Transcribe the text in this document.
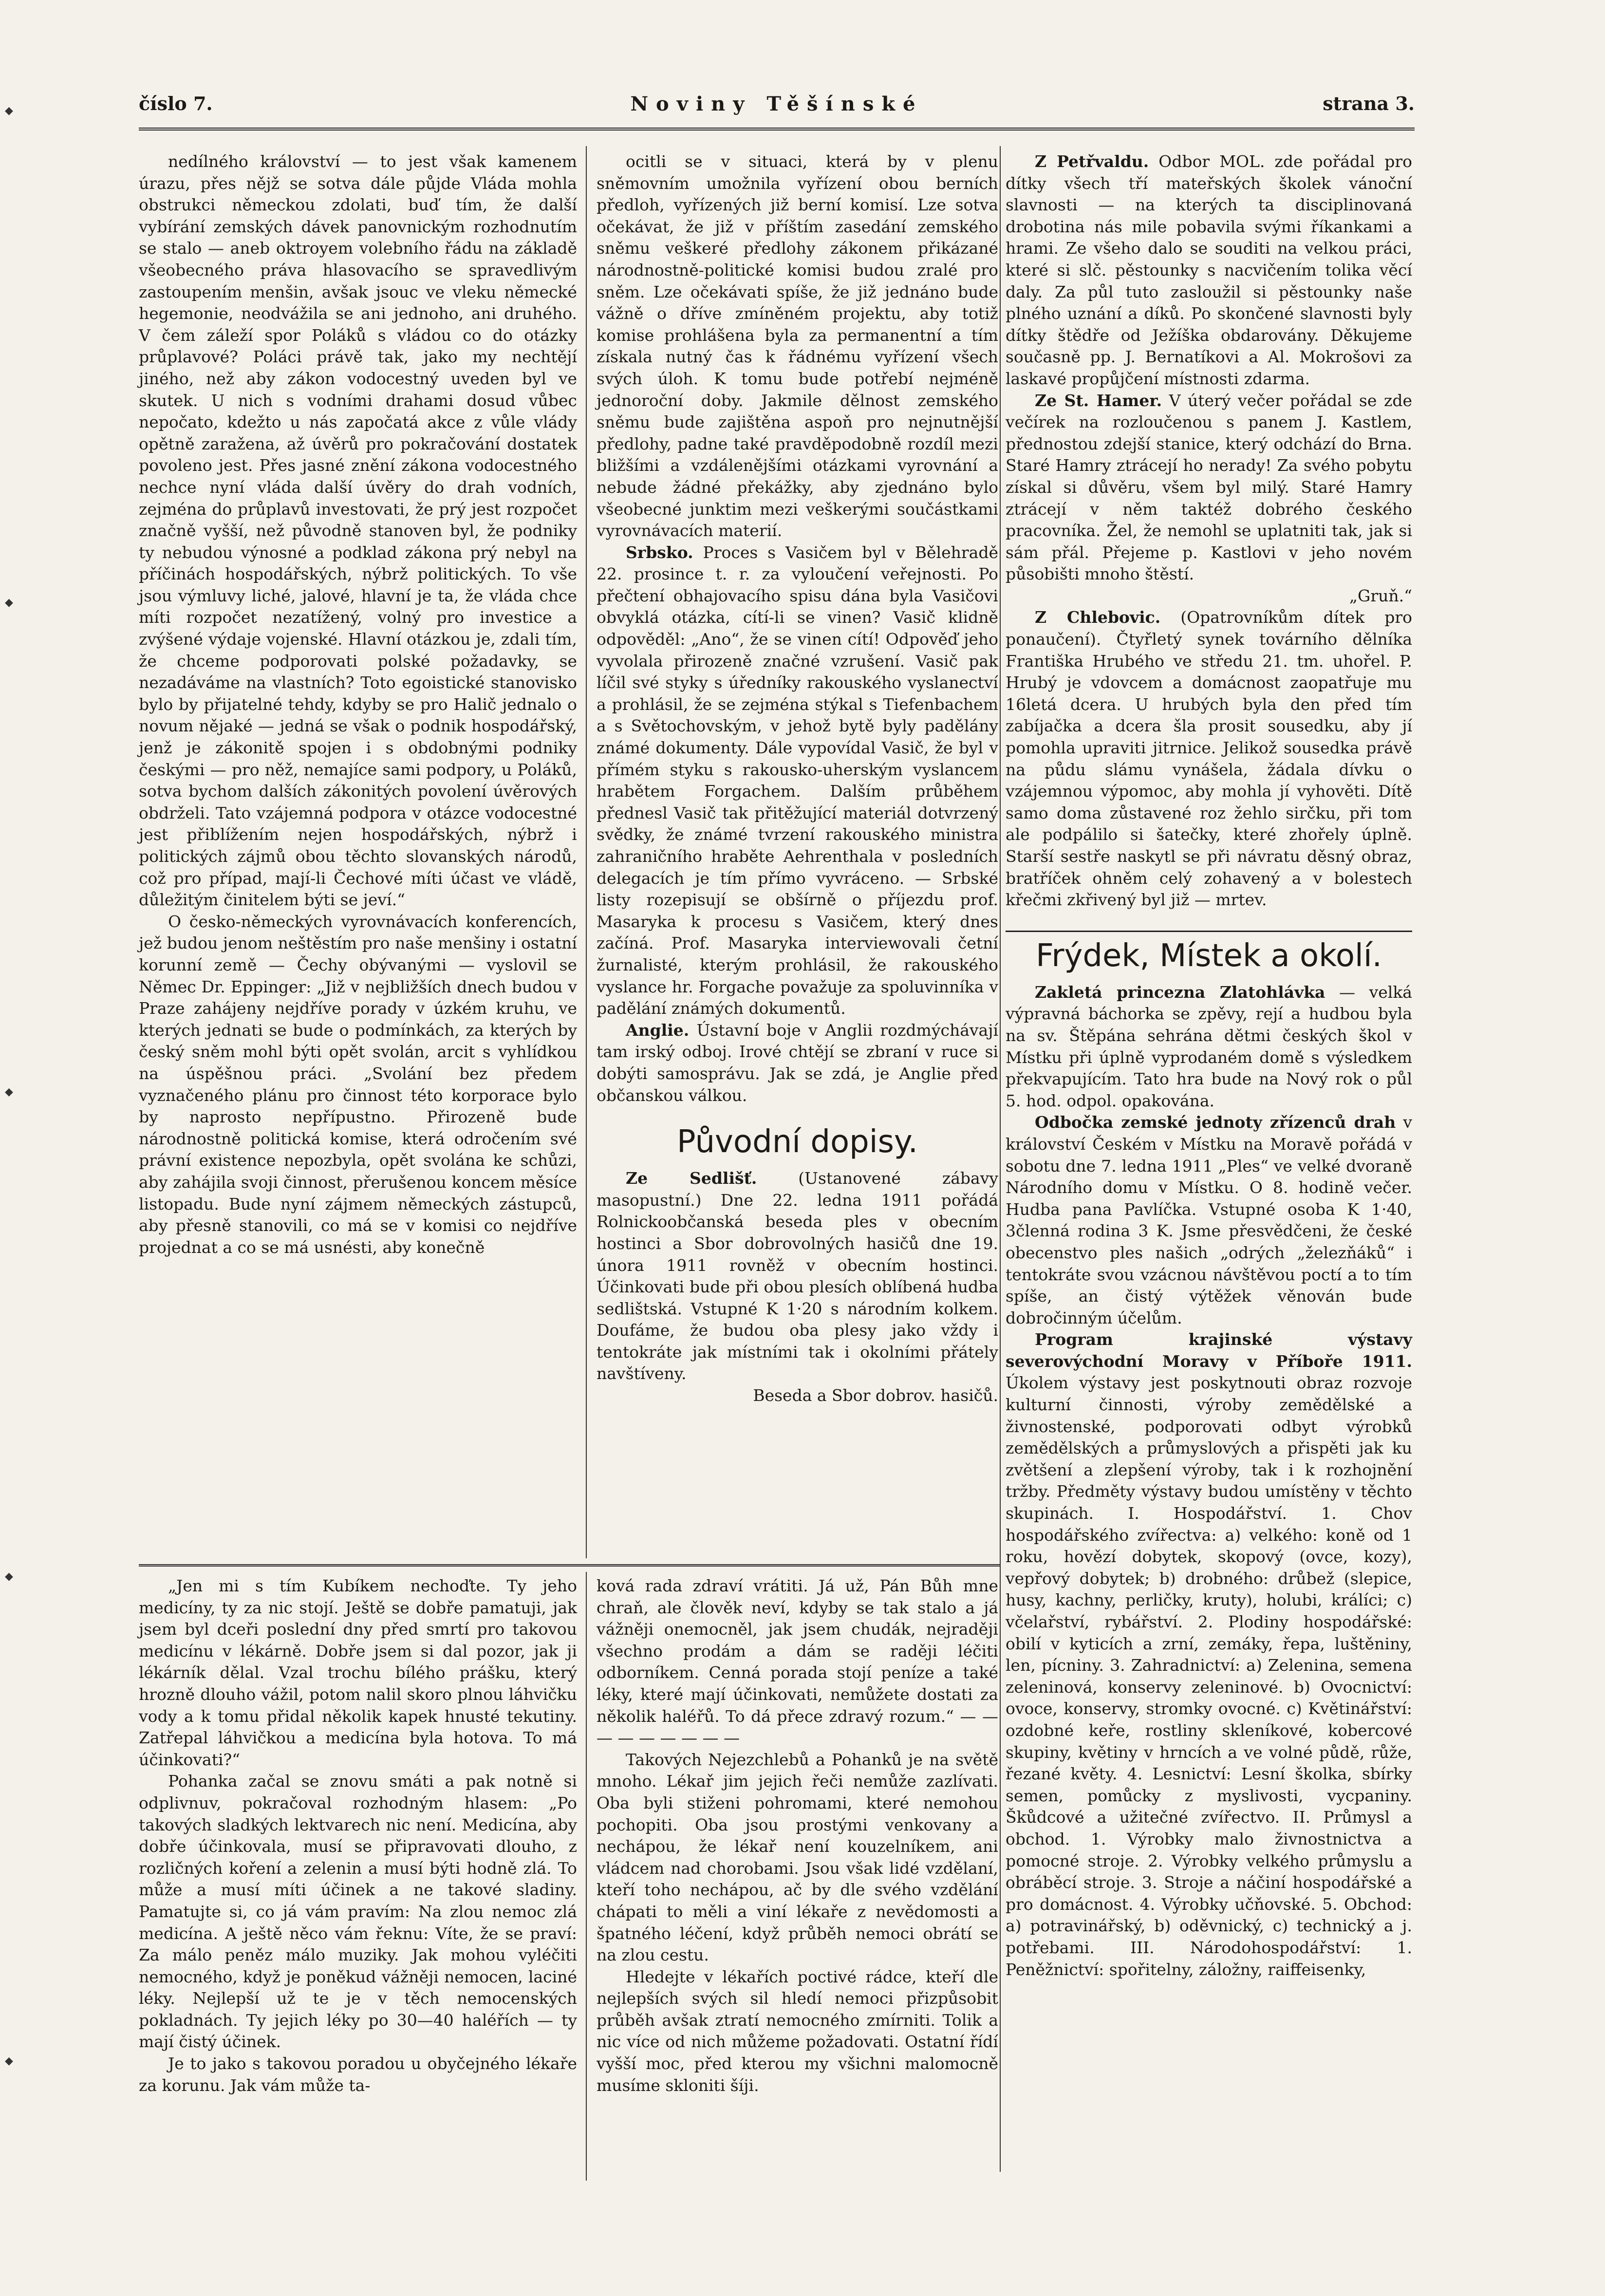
◆
◆
◆
◆
◆
číslo 7.	Noviny Těšínské	strana 3.

nedílného království — to jest však kamenem úrazu, přes nějž se sotva dále půjde Vláda mohla obstrukci německou zdolati, buď tím, že další vybírání zemských dávek panovnickým rozhodnutím se stalo — aneb oktroyem volebního řádu na základě všeobecného práva hlasovacího se spravedlivým zastoupením menšin, avšak jsouc ve vleku německé hegemonie, neodvážila se ani jednoho, ani druhého. V čem záleží spor Poláků s vládou co do otázky průplavové? Poláci právě tak, jako my nechtějí jiného, než aby zákon vodocestný uveden byl ve skutek. U nich s vodními drahami dosud vůbec nepočato, kdežto u nás započatá akce z vůle vlády opětně zaražena, až úvěrů pro pokračování dostatek povoleno jest. Přes jasné znění zákona vodocestného nechce nyní vláda další úvěry do drah vodních, zejména do průplavů investovati, že prý jest rozpočet značně vyšší, než původně stanoven byl, že podniky ty nebudou výnosné a podklad zákona prý nebyl na příčinách hospodářských, nýbrž politických. To vše jsou výmluvy liché, jalové, hlavní je ta, že vláda chce míti rozpočet nezatížený, volný pro investice a zvýšené výdaje vojenské. Hlavní otázkou je, zdali tím, že chceme podporovati polské požadavky, se nezadáváme na vlastních? Toto egoistické stanovisko bylo by přijatelné tehdy, kdyby se pro Halič jednalo o novum nějaké — jedná se však o podnik hospodářský, jenž je zákonitě spojen i s obdobnými podniky českými — pro něž, nemajíce sami podpory, u Poláků, sotva bychom dalších zákonitých povolení úvěrových obdrželi. Tato vzájemná podpora v otázce vodocestné jest přiblížením nejen hospodářských, nýbrž i politických zájmů obou těchto slovanských národů, což pro případ, mají-li Čechové míti účast ve vládě, důležitým činitelem býti se jeví.“

O česko-německých vyrovnávacích konferencích, jež budou jenom neštěstím pro naše menšiny i ostatní korunní země — Čechy obývanými — vyslovil se Němec Dr. Eppinger: „Již v nejbližších dnech budou v Praze zahájeny nejdříve porady v úzkém kruhu, ve kterých jednati se bude o podmínkách, za kterých by český sněm mohl býti opět svolán, arcit s vyhlídkou na úspěšnou práci. „Svolání bez předem vyznačeného plánu pro činnost této korporace bylo by naprosto nepřípustno. Přirozeně bude národnostně politická komise, která odročením své právní existence nepozbyla, opět svolána ke schůzi, aby zahájila svoji činnost, přerušenou koncem měsíce listopadu. Bude nyní zájmem německých zástupců, aby přesně stanovili, co má se v komisi co nejdříve projednat a co se má usnésti, aby konečně

ocitli se v situaci, která by v plenu sněmovním umožnila vyřízení obou berních předloh, vyřízených již berní komisí. Lze sotva očekávat, že již v příštím zasedání zemského sněmu veškeré předlohy zákonem přikázané národnostně-politické komisi budou zralé pro sněm. Lze očekávati spíše, že již jednáno bude vážně o dříve zmíněném projektu, aby totiž komise prohlášena byla za permanentní a tím získala nutný čas k řádnému vyřízení všech svých úloh. K tomu bude potřebí nejméně jednoroční doby. Jakmile dělnost zemského sněmu bude zajištěna aspoň pro nejnutnější předlohy, padne také pravděpodobně rozdíl mezi bližšími a vzdálenějšími otázkami vyrovnání a nebude žádné překážky, aby zjednáno bylo všeobecné junktim mezi veškerými součástkami vyrovnávacích materií.

Srbsko. Proces s Vasičem byl v Bělehradě 22. prosince t. r. za vyloučení veřejnosti. Po přečtení obhajovacího spisu dána byla Vasičovi obvyklá otázka, cítí-li se vinen? Vasič klidně odpověděl: „Ano“, že se vinen cítí! Odpověď jeho vyvolala přirozeně značné vzrušení. Vasič pak líčil své styky s úředníky rakouského vyslanectví a prohlásil, že se zejména stýkal s Tiefenbachem a s Světochovským, v jehož bytě byly padělány známé dokumenty. Dále vypovídal Vasič, že byl v přímém styku s rakousko-uherským vyslancem hrabětem Forgachem. Dalším průběhem přednesl Vasič tak přitěžující materiál dotvrzený svědky, že známé tvrzení rakouského ministra zahraničního hraběte Aehrenthala v posledních delegacích je tím přímo vyvráceno. — Srbské listy rozepisují se obšírně o příjezdu prof. Masaryka k procesu s Vasičem, který dnes začíná. Prof. Masaryka interviewovali četní žurnalisté, kterým prohlásil, že rakouského vyslance hr. Forgache považuje za spoluvinníka v padělání známých dokumentů.

Anglie. Ústavní boje v Anglii rozdmýchávají tam irský odboj. Irové chtějí se zbraní v ruce si dobýti samosprávu. Jak se zdá, je Anglie před občanskou válkou.

Původní dopisy.

Ze Sedlišť. (Ustanovené zábavy masopustní.) Dne 22. ledna 1911 pořádá Rolnickoobčanská beseda ples v obecním hostinci a Sbor dobrovolných hasičů dne 19. února 1911 rovněž v obecním hostinci. Účinkovati bude při obou plesích oblíbená hudba sedlištská. Vstupné K 1·20 s národním kolkem. Doufáme, že budou oba plesy jako vždy i tentokráte jak místními tak i okolními přátely navštíveny.

Beseda a Sbor dobrov. hasičů.

Z Petřvaldu. Odbor MOL. zde pořádal pro dítky všech tří mateřských školek vánoční slavnosti — na kterých ta disciplinovaná drobotina nás mile pobavila svými říkankami a hrami. Ze všeho dalo se souditi na velkou práci, které si slč. pěstounky s nacvičením tolika věcí daly. Za půl tuto zasloužil si pěstounky naše plného uznání a díků. Po skončené slavnosti byly dítky štědře od Ježíška obdarovány. Děkujeme současně pp. J. Bernatíkovi a Al. Mokrošovi za laskavé propůjčení místnosti zdarma.

Ze St. Hamer. V úterý večer pořádal se zde večírek na rozloučenou s panem J. Kastlem, přednostou zdejší stanice, který odchází do Brna. Staré Hamry ztrácejí ho nerady! Za svého pobytu získal si důvěru, všem byl milý. Staré Hamry ztrácejí v něm taktéž dobrého českého pracovníka. Žel, že nemohl se uplatniti tak, jak si sám přál. Přejeme p. Kastlovi v jeho novém působišti mnoho štěstí.

„Gruň.“

Z Chlebovic. (Opatrovníkům dítek pro ponaučení). Čtyřletý synek továrního dělníka Františka Hrubého ve středu 21. tm. uhořel. P. Hrubý je vdovcem a domácnost zaopatřuje mu 16letá dcera. U hrubých byla den před tím zabíjačka a dcera šla prosit sousedku, aby jí pomohla upraviti jitrnice. Jelikož sousedka právě na půdu slámu vynášela, žádala dívku o vzájemnou výpomoc, aby mohla jí vyhověti. Dítě samo doma zůstavené roz žehlo sirčku, při tom ale podpálilo si šatečky, které zhořely úplně. Starší sestře naskytl se při návratu děsný obraz, bratříček ohněm celý zohavený a v bolestech křečmi zkřivený byl již — mrtev.

Frýdek, Místek a okolí.

Zakletá princezna Zlatohlávka — velká výpravná báchorka se zpěvy, rejí a hudbou byla na sv. Štěpána sehrána dětmi českých škol v Místku při úplně vyprodaném domě s výsledkem překvapujícím. Tato hra bude na Nový rok o půl 5. hod. odpol. opakována.

Odbočka zemské jednoty zřízenců drah v království Českém v Místku na Moravě pořádá v sobotu dne 7. ledna 1911 „Ples“ ve velké dvoraně Národního domu v Místku. O 8. hodině večer. Hudba pana Pavlíčka. Vstupné osoba K 1·40, 3členná rodina 3 K. Jsme přesvědčeni, že české obecenstvo ples našich „odrých „železňáků“ i tentokráte svou vzácnou návštěvou poctí a to tím spíše, an čistý výtěžek věnován bude dobročinným účelům.

Program krajinské výstavy severovýchodní Moravy v Příboře 1911. Úkolem výstavy jest poskytnouti obraz rozvoje kulturní činnosti, výroby zemědělské a živnostenské, podporovati odbyt výrobků zemědělských a průmyslových a přispěti jak ku zvětšení a zlepšení výroby, tak i k rozhojnění tržby. Předměty výstavy budou umístěny v těchto skupinách. I. Hospodářství. 1. Chov hospodářského zvířectva: a) velkého: koně od 1 roku, hovězí dobytek, skopový (ovce, kozy), vepřový dobytek; b) drobného: drůbež (slepice, husy, kachny, perličky, kruty), holubi, králíci; c) včelařství, rybářství. 2. Plodiny hospodářské: obilí v kyticích a zrní, zemáky, řepa, luštěniny, len, pícniny. 3. Zahradnictví: a) Zelenina, semena zeleninová, konservy zeleninové. b) Ovocnictví: ovoce, konservy, stromky ovocné. c) Květinářství: ozdobné keře, rostliny skleníkové, kobercové skupiny, květiny v hrncích a ve volné půdě, růže, řezané květy. 4. Lesnictví: Lesní školka, sbírky semen, pomůcky z myslivosti, vycpaniny. Škůdcové a užitečné zvířectvo. II. Průmysl a obchod. 1. Výrobky malo živnostnictva a pomocné stroje. 2. Výrobky velkého průmyslu a obráběcí stroje. 3. Stroje a náčiní hospodářské a pro domácnost. 4. Výrobky učňovské. 5. Obchod: a) potravinářský, b) oděvnický, c) technický a j. potřebami. III. Národohospodářství: 1. Peněžnictví: spořitelny, záložny, raiffeisenky,

„Jen mi s tím Kubíkem nechoďte. Ty jeho medicíny, ty za nic stojí. Ještě se dobře pamatuji, jak jsem byl dceři poslední dny před smrtí pro takovou medicínu v lékárně. Dobře jsem si dal pozor, jak ji lékárník dělal. Vzal trochu bílého prášku, který hrozně dlouho vážil, potom nalil skoro plnou láhvičku vody a k tomu přidal několik kapek hnusté tekutiny. Zatřepal láhvičkou a medicína byla hotova. To má účinkovati?“

Pohanka začal se znovu smáti a pak notně si odplivnuv, pokračoval rozhodným hlasem: „Po takových sladkých lektvarech nic není. Medicína, aby dobře účinkovala, musí se připravovati dlouho, z rozličných koření a zelenin a musí býti hodně zlá. To může a musí míti účinek a ne takové sladiny. Pamatujte si, co já vám pravím: Na zlou nemoc zlá medicína. A ještě něco vám řeknu: Víte, že se praví: Za málo peněz málo muziky. Jak mohou vyléčiti nemocného, když je poněkud vážněji nemocen, laciné léky. Nejlepší už te je v těch nemocenských pokladnách. Ty jejich léky po 30—40 haléřích — ty mají čistý účinek.

Je to jako s takovou poradou u obyčejného lékaře za korunu. Jak vám může ta-

ková rada zdraví vrátiti. Já už, Pán Bůh mne chraň, ale člověk neví, kdyby se tak stalo a já vážněji onemocněl, jak jsem chudák, nejraději všechno prodám a dám se raději léčiti odborníkem. Cenná porada stojí peníze a také léky, které mají účinkovati, nemůžete dostati za několik haléřů. To dá přece zdravý rozum.“ — — — — — — — — —

Takových Nejezchlebů a Pohanků je na světě mnoho. Lékař jim jejich řeči nemůže zazlívati. Oba byli stiženi pohromami, které nemohou pochopiti. Oba jsou prostými venkovany a nechápou, že lékař není kouzelníkem, ani vládcem nad chorobami. Jsou však lidé vzdělaní, kteří toho nechápou, ač by dle svého vzdělání chápati to měli a viní lékaře z nevědomosti a špatného léčení, když průběh nemoci obrátí se na zlou cestu.

Hledejte v lékařích poctivé rádce, kteří dle nejlepších svých sil hledí nemoci přizpůsobit průběh avšak ztratí nemocného zmírniti. Tolik a nic více od nich můžeme požadovati. Ostatní řídí vyšší moc, před kterou my všichni malomocně musíme skloniti šíji.
